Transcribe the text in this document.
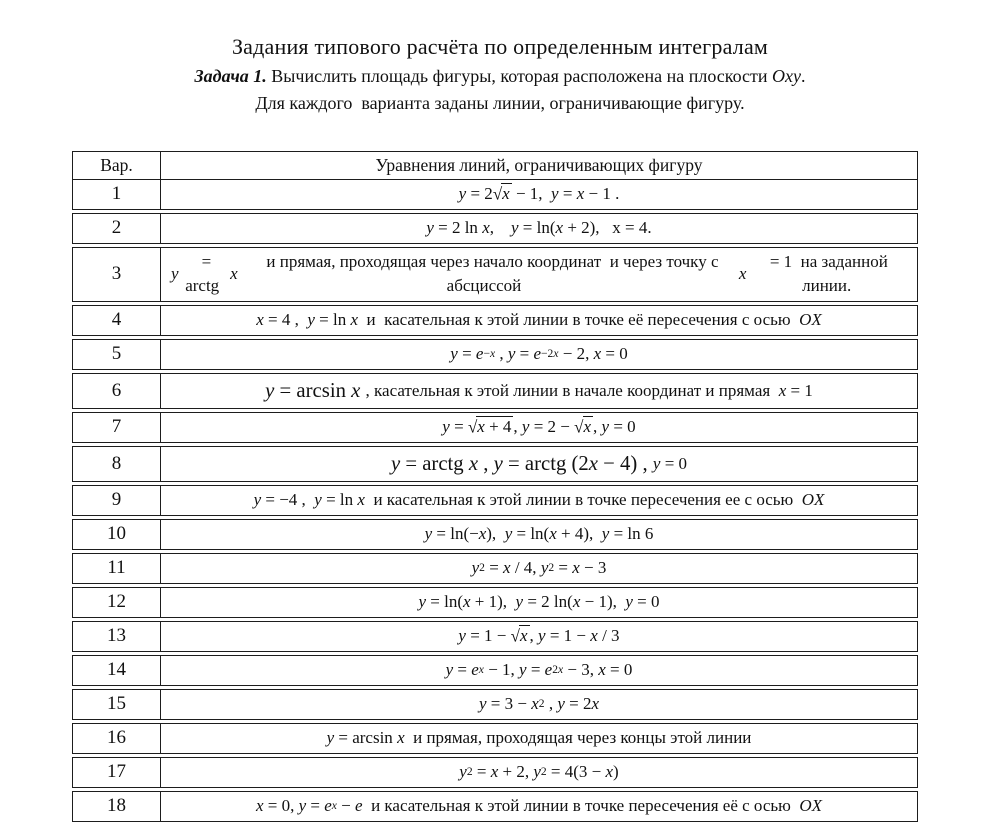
Задания типового расчёта по определенным интегралам
Задача 1. Вычислить площадь фигуры, которая расположена на плоскости Oxy.
Для каждого  варианта заданы линии, ограничивающие фигуру.
Вар.	Уравнения линий, ограничивающих фигуру
1	y = 2 √x − 1, y = x − 1 .
2	y = 2 ln x , y = ln( x + 2),   x = 4.
3	y
= arctg
x
и прямая, проходящая через начало координат  и через точку с абсциссой
x
= 1  на заданной линии.
4	x = 4 , y = ln x и  касательная к этой линии в точке её пересечения с осью OX
5	y = e −x , y = e −2x − 2, x = 0
6	y = arcsin x , касательная к этой линии в начале координат и прямая x = 1
7	y = √x + 4 , y = 2 − √x , y = 0
8	y = arctg x , y = arctg (2x − 4) , y = 0
9	y = −4 , y = ln x и касательная к этой линии в точке пересечения ее с осью OX
10	y = ln(− x ), y = ln( x + 4), y = ln 6
11	y 2 = x / 4, y 2 = x − 3
12	y = ln( x + 1), y = 2 ln( x − 1), y = 0
13	y = 1 − √x , y = 1 − x / 3
14	y = e x − 1, y = e 2x − 3, x = 0
15	y = 3 − x 2 , y = 2 x
16	y = arcsin x и прямая, проходящая через концы этой линии
17	y 2 = x + 2, y 2 = 4(3 − x )
18	x = 0, y = e x − e и касательная к этой линии в точке пересечения её с осью OX
